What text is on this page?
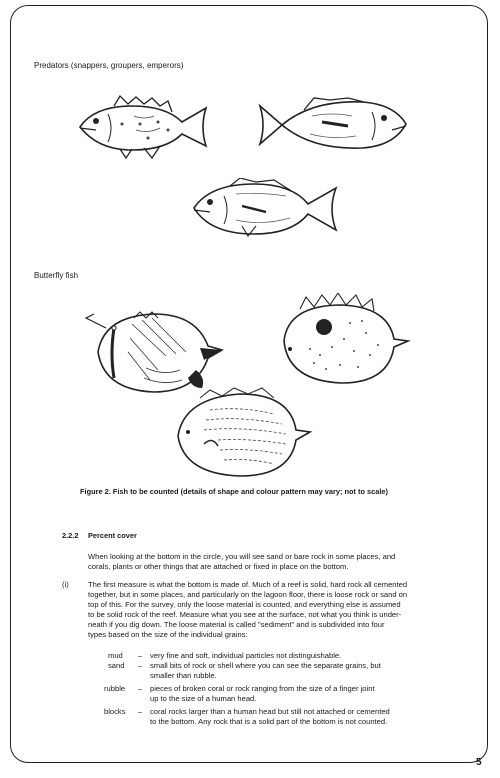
Predators (snappers, groupers, emperors)
Butterfly fish
Figure 2. Fish to be counted (details of shape and colour pattern may vary; not to scale)
2.2.2 Percent cover
When looking at the bottom in the circle, you will see sand or bare rock in some places, and
corals, plants or other things that are attached or fixed in place on the bottom.
(i)	The first measure is what the bottom is made of. Much of a reef is solid, hard rock all cemented
together, but in some places, and particularly on the lagoon floor, there is loose rock or sand on
top of this. For the survey, only the loose material is counted, and everything else is assumed
to be solid rock of the reef. Measure what you see at the surface, not what you think is under-
neath if you dig down. The loose material is called "sediment" and is subdivided into four
types based on the size of the individual grains:
mud – very fine and soft, individual particles not distinguishable.
sand – small bits of rock or shell where you can see the separate grains, but
smaller than rubble.
rubble – pieces of broken coral or rock ranging from the size of a finger joint
up to the size of a human head.
blocks – coral rocks larger than a human head but still not attached or cemented
to the bottom. Any rock that is a solid part of the bottom is not counted.
5
